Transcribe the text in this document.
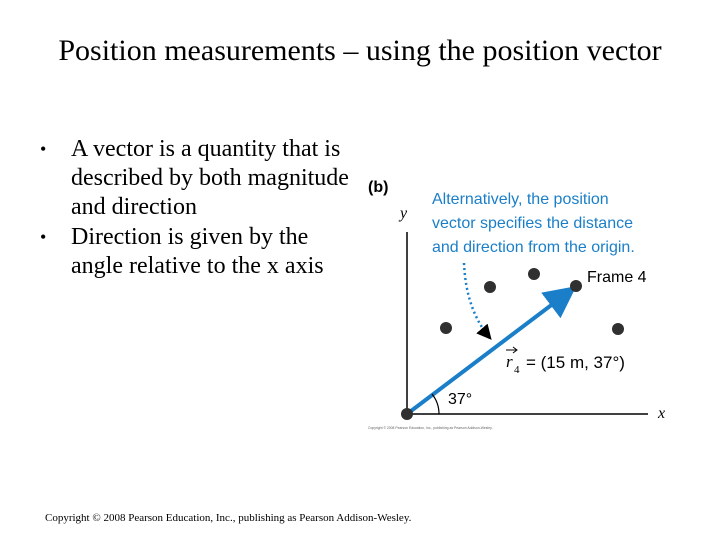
Position measurements – using the position vector
• A vector is a quantity that is described by both magnitude and direction
• Direction is given by the angle relative to the x axis
(b)
y
x
Alternatively, the position vector specifies the distance and direction from the origin.
Frame 4
r 4 = (15 m, 37°)
37°
Copyright © 2008 Pearson Education, Inc., publishing as Pearson Addison-Wesley.
Copyright © 2008 Pearson Education, Inc., publishing as Pearson Addison-Wesley.
